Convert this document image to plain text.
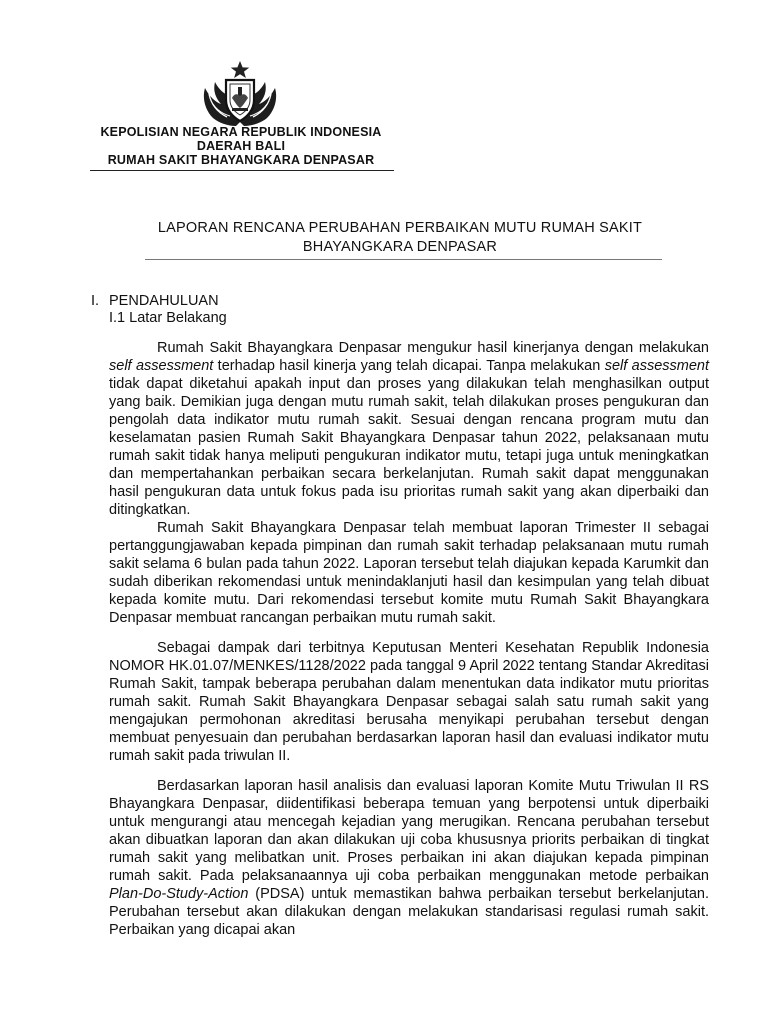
KEPOLISIAN NEGARA REPUBLIK INDONESIA
DAERAH BALI
RUMAH SAKIT BHAYANGKARA DENPASAR
LAPORAN RENCANA PERUBAHAN PERBAIKAN MUTU RUMAH SAKIT
BHAYANGKARA DENPASAR
I. PENDAHULUAN
I.1 Latar Belakang

Rumah Sakit Bhayangkara Denpasar mengukur hasil kinerjanya dengan melakukan self assessment terhadap hasil kinerja yang telah dicapai. Tanpa melakukan self assessment tidak dapat diketahui apakah input dan proses yang dilakukan telah menghasilkan output yang baik. Demikian juga dengan mutu rumah sakit, telah dilakukan proses pengukuran dan pengolah data indikator mutu rumah sakit. Sesuai dengan rencana program mutu dan keselamatan pasien Rumah Sakit Bhayangkara Denpasar tahun 2022, pelaksanaan mutu rumah sakit tidak hanya meliputi pengukuran indikator mutu, tetapi juga untuk meningkatkan dan mempertahankan perbaikan secara berkelanjutan. Rumah sakit dapat menggunakan hasil pengukuran data untuk fokus pada isu prioritas rumah sakit yang akan diperbaiki dan ditingkatkan.

Rumah Sakit Bhayangkara Denpasar telah membuat laporan Trimester II sebagai pertanggungjawaban kepada pimpinan dan rumah sakit terhadap pelaksanaan mutu rumah sakit selama 6 bulan pada tahun 2022. Laporan tersebut telah diajukan kepada Karumkit dan sudah diberikan rekomendasi untuk menindaklanjuti hasil dan kesimpulan yang telah dibuat kepada komite mutu. Dari rekomendasi tersebut komite mutu Rumah Sakit Bhayangkara Denpasar membuat rancangan perbaikan mutu rumah sakit.

Sebagai dampak dari terbitnya Keputusan Menteri Kesehatan Republik Indonesia NOMOR HK.01.07/MENKES/1128/2022 pada tanggal 9 April 2022 tentang Standar Akreditasi Rumah Sakit, tampak beberapa perubahan dalam menentukan data indikator mutu prioritas rumah sakit. Rumah Sakit Bhayangkara Denpasar sebagai salah satu rumah sakit yang mengajukan permohonan akreditasi berusaha menyikapi perubahan tersebut dengan membuat penyesuain dan perubahan berdasarkan laporan hasil dan evaluasi indikator mutu rumah sakit pada triwulan II.

Berdasarkan laporan hasil analisis dan evaluasi laporan Komite Mutu Triwulan II RS Bhayangkara Denpasar, diidentifikasi beberapa temuan yang berpotensi untuk diperbaiki untuk mengurangi atau mencegah kejadian yang merugikan. Rencana perubahan tersebut akan dibuatkan laporan dan akan dilakukan uji coba khususnya priorits perbaikan di tingkat rumah sakit yang melibatkan unit. Proses perbaikan ini akan diajukan kepada pimpinan rumah sakit. Pada pelaksanaannya uji coba perbaikan menggunakan metode perbaikan Plan-Do-Study-Action (PDSA) untuk memastikan bahwa perbaikan tersebut berkelanjutan. Perubahan tersebut akan dilakukan dengan melakukan standarisasi regulasi rumah sakit. Perbaikan yang dicapai akan
